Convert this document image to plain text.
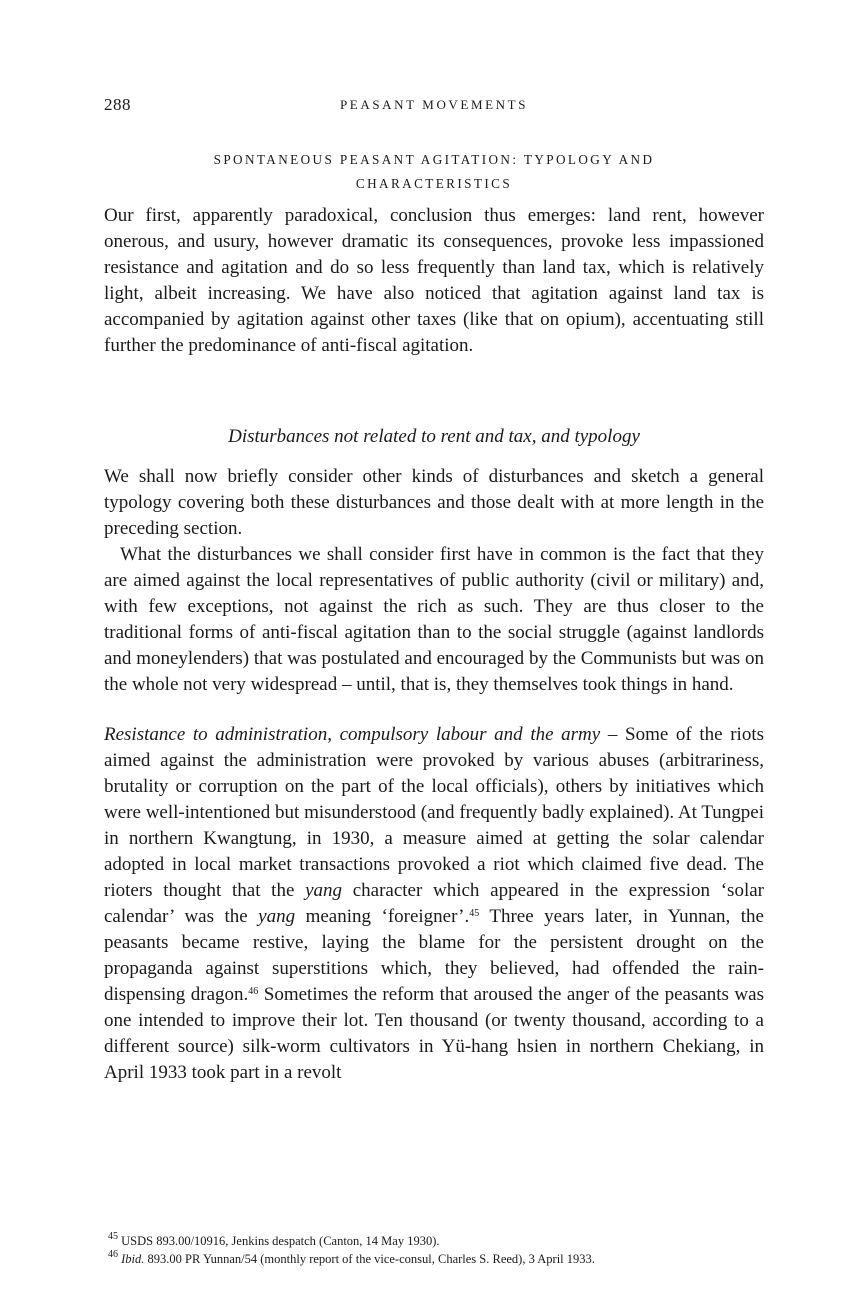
288	PEASANT MOVEMENTS
SPONTANEOUS PEASANT AGITATION: TYPOLOGY AND
CHARACTERISTICS

Our first, apparently paradoxical, conclusion thus emerges: land rent, however onerous, and usury, however dramatic its consequences, provoke less impassioned resistance and agitation and do so less frequently than land tax, which is relatively light, albeit increasing. We have also noticed that agitation against land tax is accompanied by agitation against other taxes (like that on opium), accentuating still further the predominance of anti-fiscal agitation.

Disturbances not related to rent and tax, and typology

We shall now briefly consider other kinds of disturbances and sketch a general typology covering both these disturbances and those dealt with at more length in the preceding section.

What the disturbances we shall consider first have in common is the fact that they are aimed against the local representatives of public authority (civil or military) and, with few exceptions, not against the rich as such. They are thus closer to the traditional forms of anti-fiscal agitation than to the social struggle (against landlords and moneylenders) that was postulated and encouraged by the Communists but was on the whole not very widespread – until, that is, they themselves took things in hand.

Resistance to administration, compulsory labour and the army – Some of the riots aimed against the administration were provoked by various abuses (arbitrariness, brutality or corruption on the part of the local officials), others by initiatives which were well-intentioned but misunderstood (and frequently badly explained). At Tungpei in northern Kwangtung, in 1930, a measure aimed at getting the solar calendar adopted in local market transactions provoked a riot which claimed five dead. The rioters thought that the yang character which appeared in the expression ‘solar calendar’ was the yang meaning ‘foreigner’.$^{45}$ Three years later, in Yunnan, the peasants became restive, laying the blame for the persistent drought on the propaganda against superstitions which, they believed, had offended the rain-dispensing dragon.$^{46}$ Sometimes the reform that aroused the anger of the peasants was one intended to improve their lot. Ten thousand (or twenty thousand, according to a different source) silk-worm cultivators in Yü-hang hsien in northern Chekiang, in April 1933 took part in a revolt

$^{45}$ USDS 893.00/10916, Jenkins despatch (Canton, 14 May 1930).

$^{46}$ Ibid. 893.00 PR Yunnan/54 (monthly report of the vice-consul, Charles S. Reed), 3 April 1933.
